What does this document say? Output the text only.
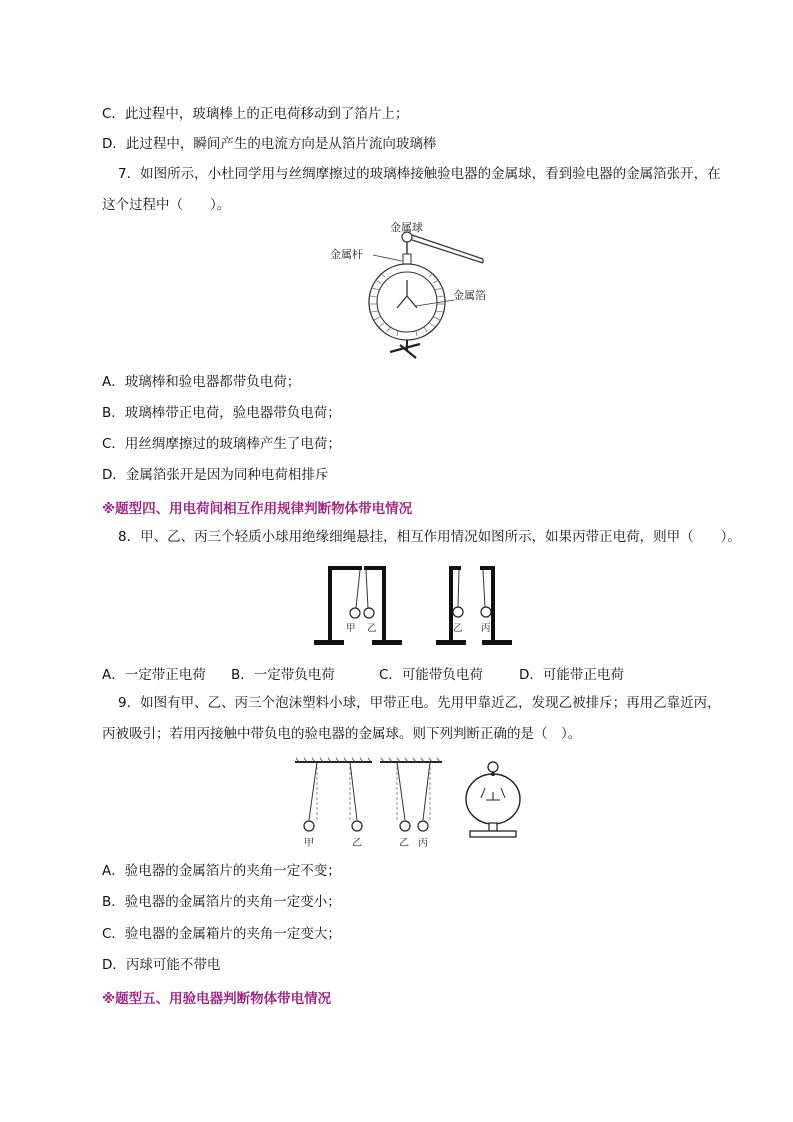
C．此过程中，玻璃棒上的正电荷移动到了箔片上；
D．此过程中，瞬间产生的电流方向是从箔片流向玻璃棒
7．如图所示，小杜同学用与丝绸摩擦过的玻璃棒接触验电器的金属球，看到验电器的金属箔张开，在
这个过程中（　　）。
金属球
金属杆
金属箔
A．玻璃棒和验电器都带负电荷；
B．玻璃棒带正电荷，验电器带负电荷；
C．用丝绸摩擦过的玻璃棒产生了电荷；
D．金属箔张开是因为同种电荷相排斥
※题型四、用电荷间相互作用规律判断物体带电情况
8．甲、乙、丙三个轻质小球用绝缘细绳悬挂，相互作用情况如图所示，如果丙带正电荷，则甲（　　）。
甲 乙	乙 丙
A．一定带正电荷 B．一定带负电荷	C．可能带负电荷	D．可能带正电荷
9．如图有甲、乙、丙三个泡沫塑料小球，甲带正电。先用甲靠近乙，发现乙被排斥；再用乙靠近丙，
丙被吸引；若用丙接触中带负电的验电器的金属球。则下列判断正确的是（　）。
甲	乙	乙 丙
A．验电器的金属箔片的夹角一定不变；
B．验电器的金属箔片的夹角一定变小；
C．验电器的金属箱片的夹角一定变大；
D．丙球可能不带电
※题型五、用验电器判断物体带电情况
